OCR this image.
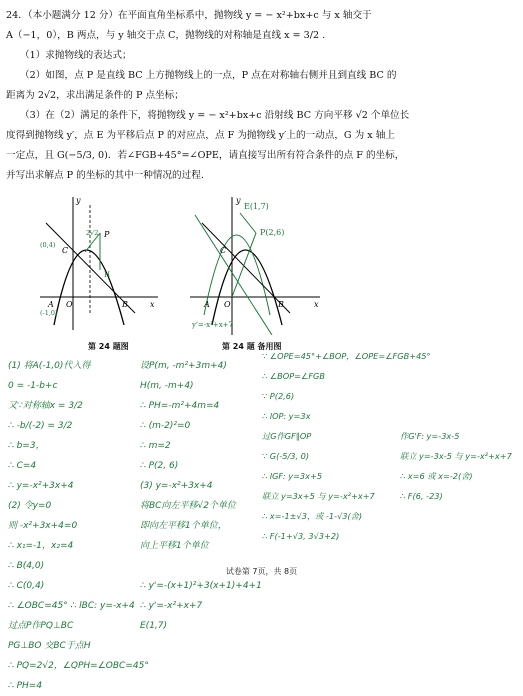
24．（本小题满分 12 分）在平面直角坐标系中，抛物线 y = − x²+bx+c 与 x 轴交于

A（−1，0），B 两点，与 y 轴交于点 C，抛物线的对称轴是直线 x = 3/2 .

（1）求抛物线的表达式；

（2）如图，点 P 是直线 BC 上方抛物线上的一点，P 点在对称轴右侧并且到直线 BC 的

距离为 2√2，求出满足条件的 P 点坐标；

（3）在（2）满足的条件下，将抛物线 y = − x²+bx+c 沿射线 BC 方向平移 √2 个单位长

度得到抛物线 y′，点 E 为平移后点 P 的对应点，点 F 为抛物线 y′上的一动点，G 为 x 轴上

一定点，且 G(−5/3, 0)．若∠FGB+45°=∠OPE，请直接写出所有符合条件的点 F 的坐标，

并写出求解点 P 的坐标的其中一种情况的过程.

y
x
C
P
H
A O	B
(0,4)
(-1,0)
2√2
第 24 题图
y
x
C
A O	B
E(1,7)
P(2,6)
y'=-x²+x+7
第 24 题 备用图
(1) 将A(-1,0)代入得
0 = -1-b+c
又∵对称轴x = 3/2
∴ -b/(-2) = 3/2
∴ b=3，
∴ C=4
∴ y=-x²+3x+4
(2) 令y=0
则 -x²+3x+4=0
∴ x₁=-1，x₂=4
∴ B(4,0)
∴ C(0,4)
∴ ∠OBC=45° ∴ lBC: y=-x+4
过点P作PQ⊥BC
PG⊥BO 交BC于点H
∴ PQ=2√2，∠QPH=∠OBC=45°
∴ PH=4
设P(m, -m²+3m+4)
H(m, -m+4)
∴ PH=-m²+4m=4
∴ (m-2)²=0
∴ m=2
∴ P(2, 6)
(3) y=-x²+3x+4
将BC向左平移√2个单位
即向左平移1个单位，
向上平移1个单位
∴ y'=-(x+1)²+3(x+1)+4+1
∴ y'=-x²+x+7
E(1,7)
∵ ∠OPE=45°+∠BOP，∠OPE=∠FGB+45°
∴ ∠BOP=∠FGB
∵ P(2,6)
∴ lOP: y=3x
过G作GF∥OP
∵ G(-5/3, 0)
∴ lGF: y=3x+5
联立 y=3x+5 与 y=-x²+x+7
∴ x=-1±√3，或 -1-√3(舍)
∴ F(-1+√3, 3√3+2)
作G'F: y=-3x-5
联立 y=-3x-5 与 y=-x²+x+7
∴ x=6 或 x=-2(舍)
∴ F(6, -23)
试卷第 7页，共 8页
